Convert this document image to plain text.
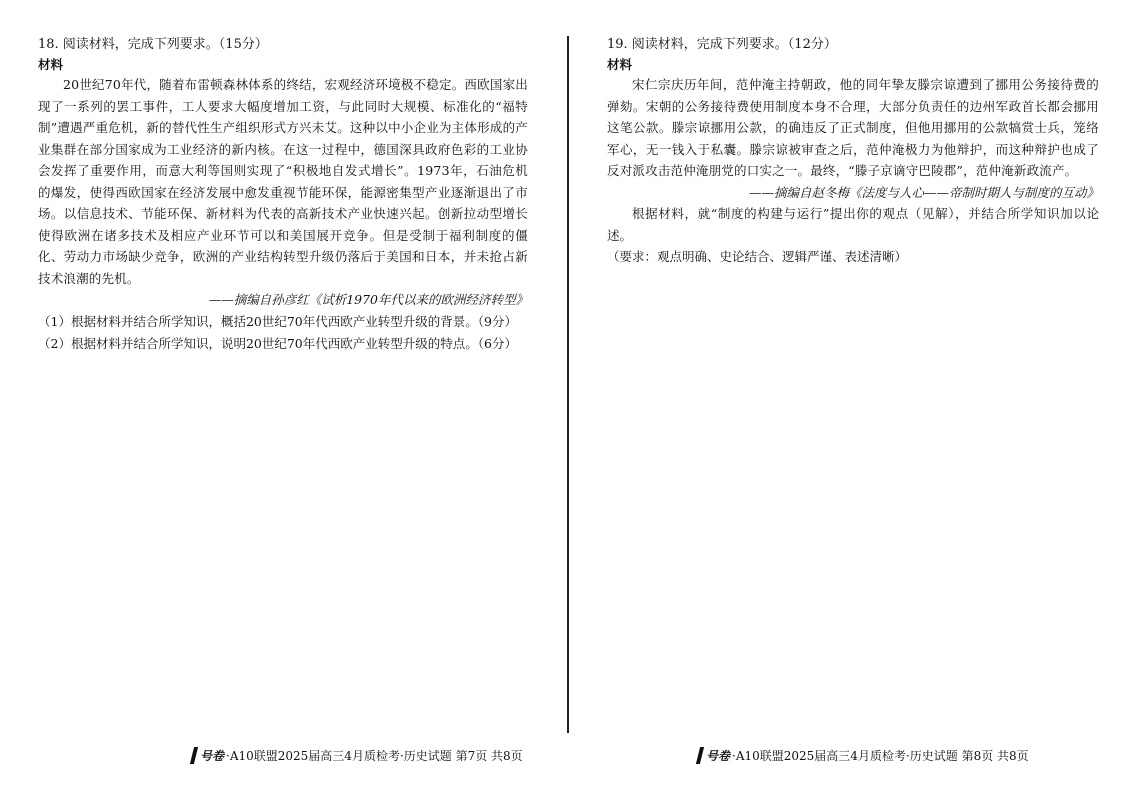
18. 阅读材料，完成下列要求。（15分）

材料

20世纪70年代，随着布雷顿森林体系的终结，宏观经济环境极不稳定。西欧国家出现了一系列的罢工事件，工人要求大幅度增加工资，与此同时大规模、标准化的“福特制”遭遇严重危机，新的替代性生产组织形式方兴未艾。这种以中小企业为主体形成的产业集群在部分国家成为工业经济的新内核。在这一过程中，德国深具政府色彩的工业协会发挥了重要作用，而意大利等国则实现了“积极地自发式增长”。1973年，石油危机的爆发，使得西欧国家在经济发展中愈发重视节能环保，能源密集型产业逐渐退出了市场。以信息技术、节能环保、新材料为代表的高新技术产业快速兴起。创新拉动型增长使得欧洲在诸多技术及相应产业环节可以和美国展开竞争。但是受制于福利制度的僵化、劳动力市场缺少竞争，欧洲的产业结构转型升级仍落后于美国和日本，并未抢占新技术浪潮的先机。

——摘编自孙彦红《试析1970年代以来的欧洲经济转型》

（1）根据材料并结合所学知识，概括20世纪70年代西欧产业转型升级的背景。（9分）

（2）根据材料并结合所学知识，说明20世纪70年代西欧产业转型升级的特点。（6分）

19. 阅读材料，完成下列要求。（12分）

材料

宋仁宗庆历年间，范仲淹主持朝政，他的同年挚友滕宗谅遭到了挪用公务接待费的弹劾。宋朝的公务接待费使用制度本身不合理，大部分负责任的边州军政首长都会挪用这笔公款。滕宗谅挪用公款，的确违反了正式制度，但他用挪用的公款犒赏士兵，笼络军心，无一钱入于私囊。滕宗谅被审查之后，范仲淹极力为他辩护，而这种辩护也成了反对派攻击范仲淹朋党的口实之一。最终，“滕子京谪守巴陵郡”，范仲淹新政流产。

——摘编自赵冬梅《法度与人心——帝制时期人与制度的互动》

根据材料，就“制度的构建与运行”提出你的观点（见解），并结合所学知识加以论述。

（要求：观点明确、史论结合、逻辑严谨、表述清晰）

号卷 ·A10联盟2025届高三4月质检考·历史试题 第7页 共8页	号卷 ·A10联盟2025届高三4月质检考·历史试题 第8页 共8页
